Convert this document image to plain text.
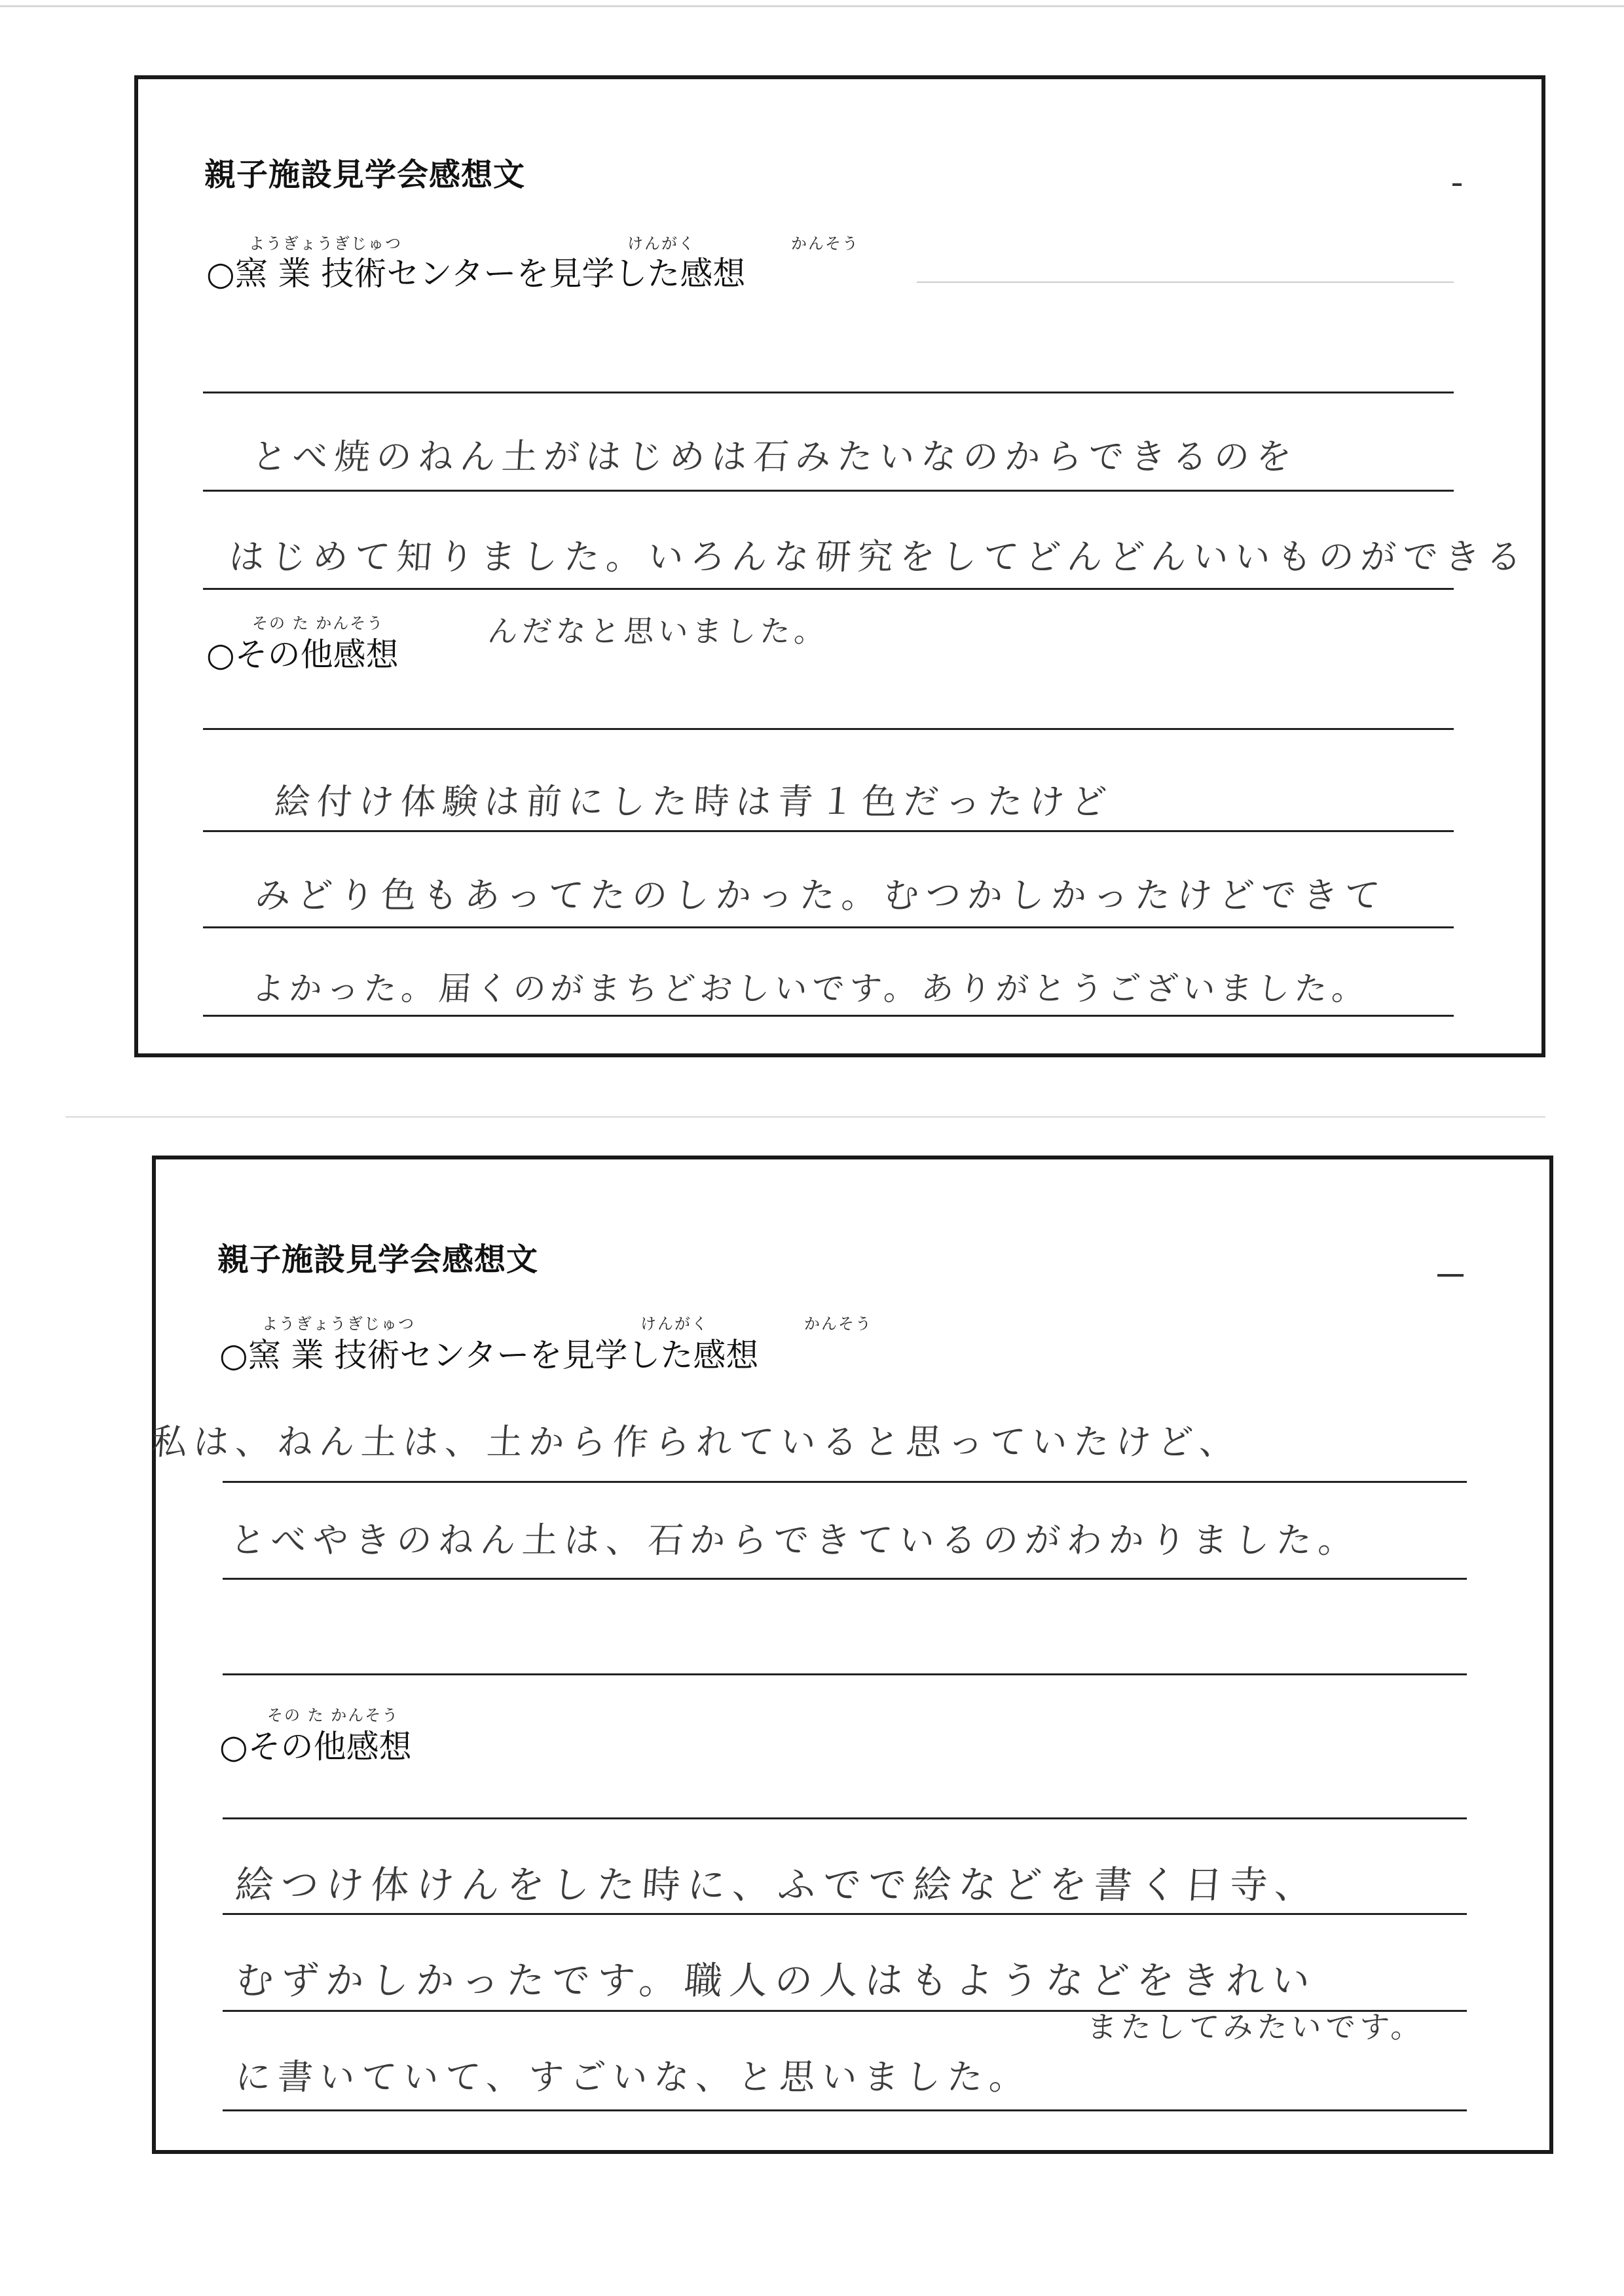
親子施設見学会感想文
ようぎょうぎじゅつ	けんがく	かんそう
○窯 業 技術センターを見学した感想
とべ焼のねん土がはじめは石みたいなのからできるのを
はじめて知りました。いろんな研究をしてどんどんいいものができる
その た かんそう
○その他感想
んだなと思いました。
絵付け体験は前にした時は青１色だったけど
みどり色もあってたのしかった。むつかしかったけどできて
よかった。届くのがまちどおしいです。ありがとうございました。
親子施設見学会感想文
ようぎょうぎじゅつ	けんがく	かんそう
○窯 業 技術センターを見学した感想
私は、ねん土は、土から作られていると思っていたけど、
とべやきのねん土は、石からできているのがわかりました。
その た かんそう
○その他感想
絵つけ体けんをした時に、ふでで絵などを書く日寺、
むずかしかったです。職人の人はもようなどをきれい
またしてみたいです。
に書いていて、すごいな、と思いました。
